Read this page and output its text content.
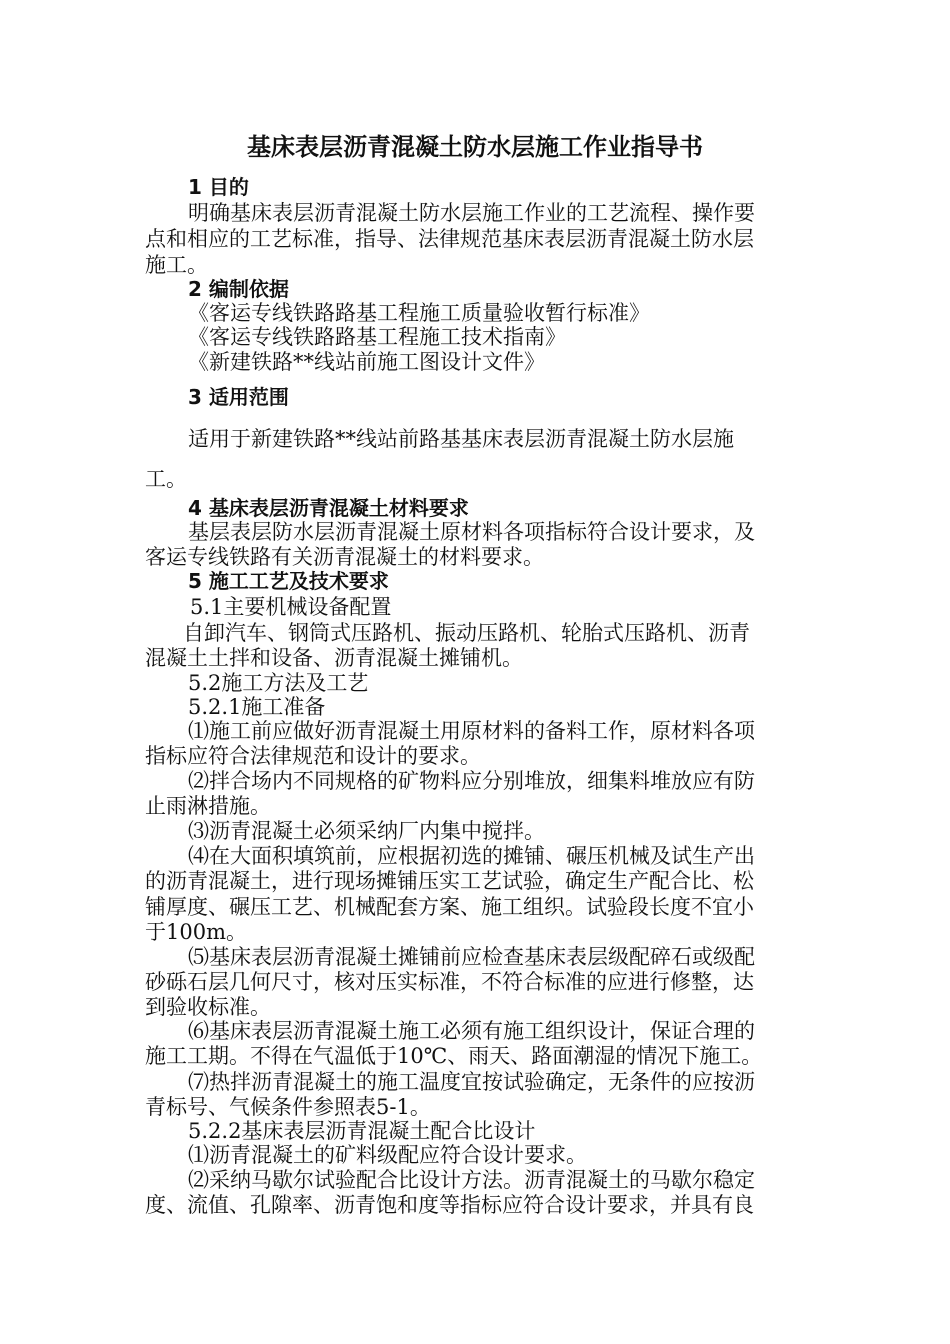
基床表层沥青混凝土防水层施工作业指导书
1 目的
明确基床表层沥青混凝土防水层施工作业的工艺流程、操作要
点和相应的工艺标准，指导、法律规范基床表层沥青混凝土防水层
施工。
2 编制依据
《客运专线铁路路基工程施工质量验收暂行标准》
《客运专线铁路路基工程施工技术指南》
《新建铁路**线站前施工图设计文件》
3 适用范围
适用于新建铁路**线站前路基基床表层沥青混凝土防水层施
工。
4 基床表层沥青混凝土材料要求
基层表层防水层沥青混凝土原材料各项指标符合设计要求，及
客运专线铁路有关沥青混凝土的材料要求。
5 施工工艺及技术要求
5.1主要机械设备配置
自卸汽车、钢筒式压路机、振动压路机、轮胎式压路机、沥青
混凝土土拌和设备、沥青混凝土摊铺机。
5.2施工方法及工艺
5.2.1施工准备
⑴施工前应做好沥青混凝土用原材料的备料工作，原材料各项
指标应符合法律规范和设计的要求。
⑵拌合场内不同规格的矿物料应分别堆放，细集料堆放应有防
止雨淋措施。
⑶沥青混凝土必须采纳厂内集中搅拌。
⑷在大面积填筑前，应根据初选的摊铺、碾压机械及试生产出
的沥青混凝土，进行现场摊铺压实工艺试验，确定生产配合比、松
铺厚度、碾压工艺、机械配套方案、施工组织。试验段长度不宜小
于100m。
⑸基床表层沥青混凝土摊铺前应检查基床表层级配碎石或级配
砂砾石层几何尺寸，核对压实标准，不符合标准的应进行修整，达
到验收标准。
⑹基床表层沥青混凝土施工必须有施工组织设计，保证合理的
施工工期。不得在气温低于10℃、雨天、路面潮湿的情况下施工。
⑺热拌沥青混凝土的施工温度宜按试验确定，无条件的应按沥
青标号、气候条件参照表5-1。
5.2.2基床表层沥青混凝土配合比设计
⑴沥青混凝土的矿料级配应符合设计要求。
⑵采纳马歇尔试验配合比设计方法。沥青混凝土的马歇尔稳定
度、流值、孔隙率、沥青饱和度等指标应符合设计要求，并具有良
